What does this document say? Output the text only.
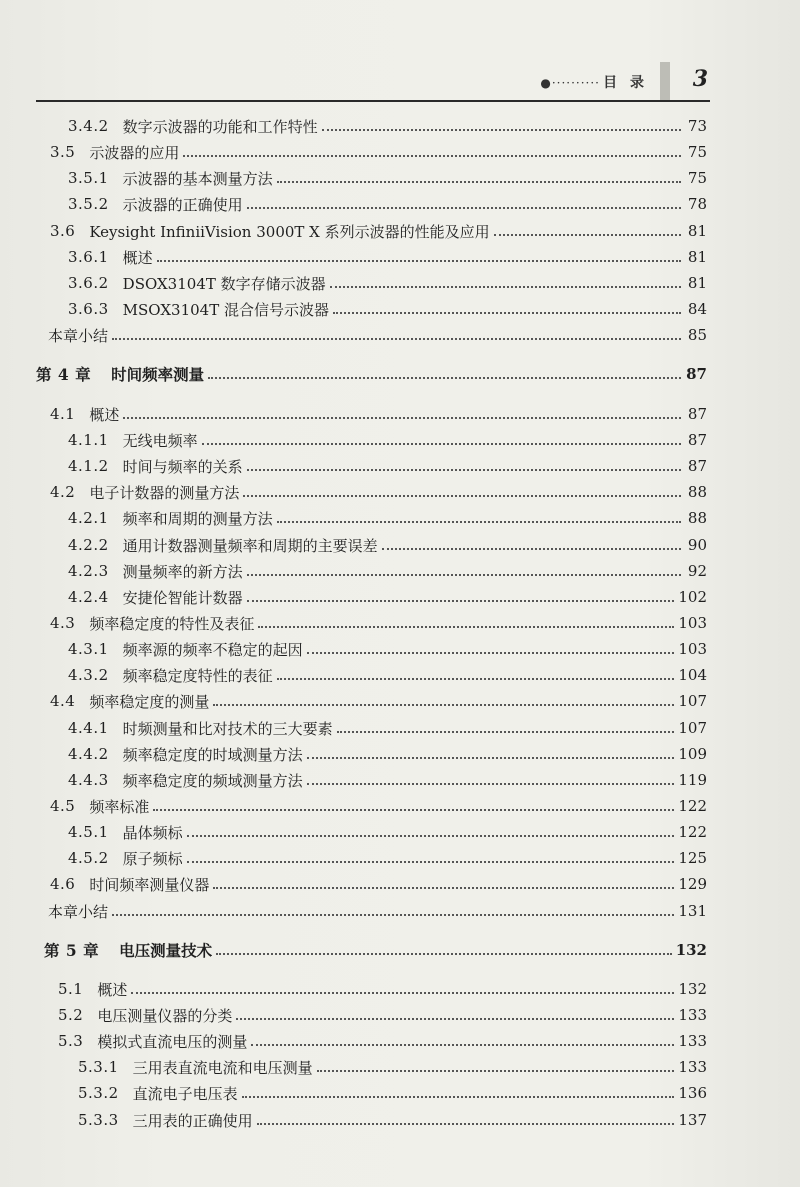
●·········· 目 录 3
3.4.2 数字示波器的功能和工作特性	73
3.5 示波器的应用	75
3.5.1 示波器的基本测量方法	75
3.5.2 示波器的正确使用	78
3.6 Keysight InfiniiVision 3000T X 系列示波器的性能及应用	81
3.6.1 概述	81
3.6.2 DSOX3104T 数字存储示波器	81
3.6.3 MSOX3104T 混合信号示波器	84
本章小结	85
第 4 章 时间频率测量	87
4.1 概述	87
4.1.1 无线电频率	87
4.1.2 时间与频率的关系	87
4.2 电子计数器的测量方法	88
4.2.1 频率和周期的测量方法	88
4.2.2 通用计数器测量频率和周期的主要误差	90
4.2.3 测量频率的新方法	92
4.2.4 安捷伦智能计数器	102
4.3 频率稳定度的特性及表征	103
4.3.1 频率源的频率不稳定的起因	103
4.3.2 频率稳定度特性的表征	104
4.4 频率稳定度的测量	107
4.4.1 时频测量和比对技术的三大要素	107
4.4.2 频率稳定度的时域测量方法	109
4.4.3 频率稳定度的频域测量方法	119
4.5 频率标准	122
4.5.1 晶体频标	122
4.5.2 原子频标	125
4.6 时间频率测量仪器	129
本章小结	131
第 5 章 电压测量技术	132
5.1 概述	132
5.2 电压测量仪器的分类	133
5.3 模拟式直流电压的测量	133
5.3.1 三用表直流电流和电压测量	133
5.3.2 直流电子电压表	136
5.3.3 三用表的正确使用	137
